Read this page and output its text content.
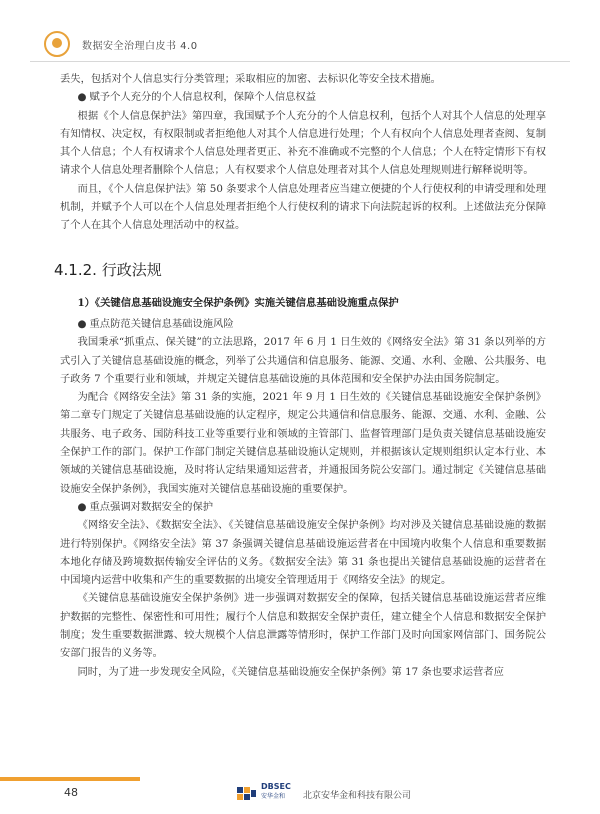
数据安全治理白皮书 4.0

丢失，包括对个人信息实行分类管理；采取相应的加密、去标识化等安全技术措施。

● 赋予个人充分的个人信息权利，保障个人信息权益

根据《个人信息保护法》第四章，我国赋予个人充分的个人信息权利，包括个人对其个人信息的处理享有知情权、决定权，有权限制或者拒绝他人对其个人信息进行处理；个人有权向个人信息处理者查阅、复制其个人信息；个人有权请求个人信息处理者更正、补充不准确或不完整的个人信息；个人在特定情形下有权请求个人信息处理者删除个人信息；人有权要求个人信息处理者对其个人信息处理规则进行解释说明等。

而且，《个人信息保护法》第 50 条要求个人信息处理者应当建立便捷的个人行使权利的申请受理和处理机制，并赋予个人可以在个人信息处理者拒绝个人行使权利的请求下向法院起诉的权利。上述做法充分保障了个人在其个人信息处理活动中的权益。

4.1.2. 行政法规

1）《关键信息基础设施安全保护条例》实施关键信息基础设施重点保护

● 重点防范关键信息基础设施风险

我国秉承“抓重点、保关键”的立法思路，2017 年 6 月 1 日生效的《网络安全法》第 31 条以列举的方式引入了关键信息基础设施的概念，列举了公共通信和信息服务、能源、交通、水利、金融、公共服务、电子政务 7 个重要行业和领域，并规定关键信息基础设施的具体范围和安全保护办法由国务院制定。

为配合《网络安全法》第 31 条的实施，2021 年 9 月 1 日生效的《关键信息基础设施安全保护条例》第二章专门规定了关键信息基础设施的认定程序，规定公共通信和信息服务、能源、交通、水利、金融、公共服务、电子政务、国防科技工业等重要行业和领域的主管部门、监督管理部门是负责关键信息基础设施安全保护工作的部门。保护工作部门制定关键信息基础设施认定规则，并根据该认定规则组织认定本行业、本领域的关键信息基础设施，及时将认定结果通知运营者，并通报国务院公安部门。通过制定《关键信息基础设施安全保护条例》，我国实施对关键信息基础设施的重要保护。

● 重点强调对数据安全的保护

《网络安全法》、《数据安全法》、《关键信息基础设施安全保护条例》均对涉及关键信息基础设施的数据进行特别保护。《网络安全法》第 37 条强调关键信息基础设施运营者在中国境内收集个人信息和重要数据本地化存储及跨境数据传输安全评估的义务。《数据安全法》第 31 条也提出关键信息基础设施的运营者在中国境内运营中收集和产生的重要数据的出境安全管理适用于《网络安全法》的规定。

《关键信息基础设施安全保护条例》进一步强调对数据安全的保障，包括关键信息基础设施运营者应维护数据的完整性、保密性和可用性；履行个人信息和数据安全保护责任，建立健全个人信息和数据安全保护制度；发生重要数据泄露、较大规模个人信息泄露等情形时，保护工作部门及时向国家网信部门、国务院公安部门报告的义务等。

同时，为了进一步发现安全风险，《关键信息基础设施安全保护条例》第 17 条也要求运营者应

48	DBSEC
安华金和	北京安华金和科技有限公司
